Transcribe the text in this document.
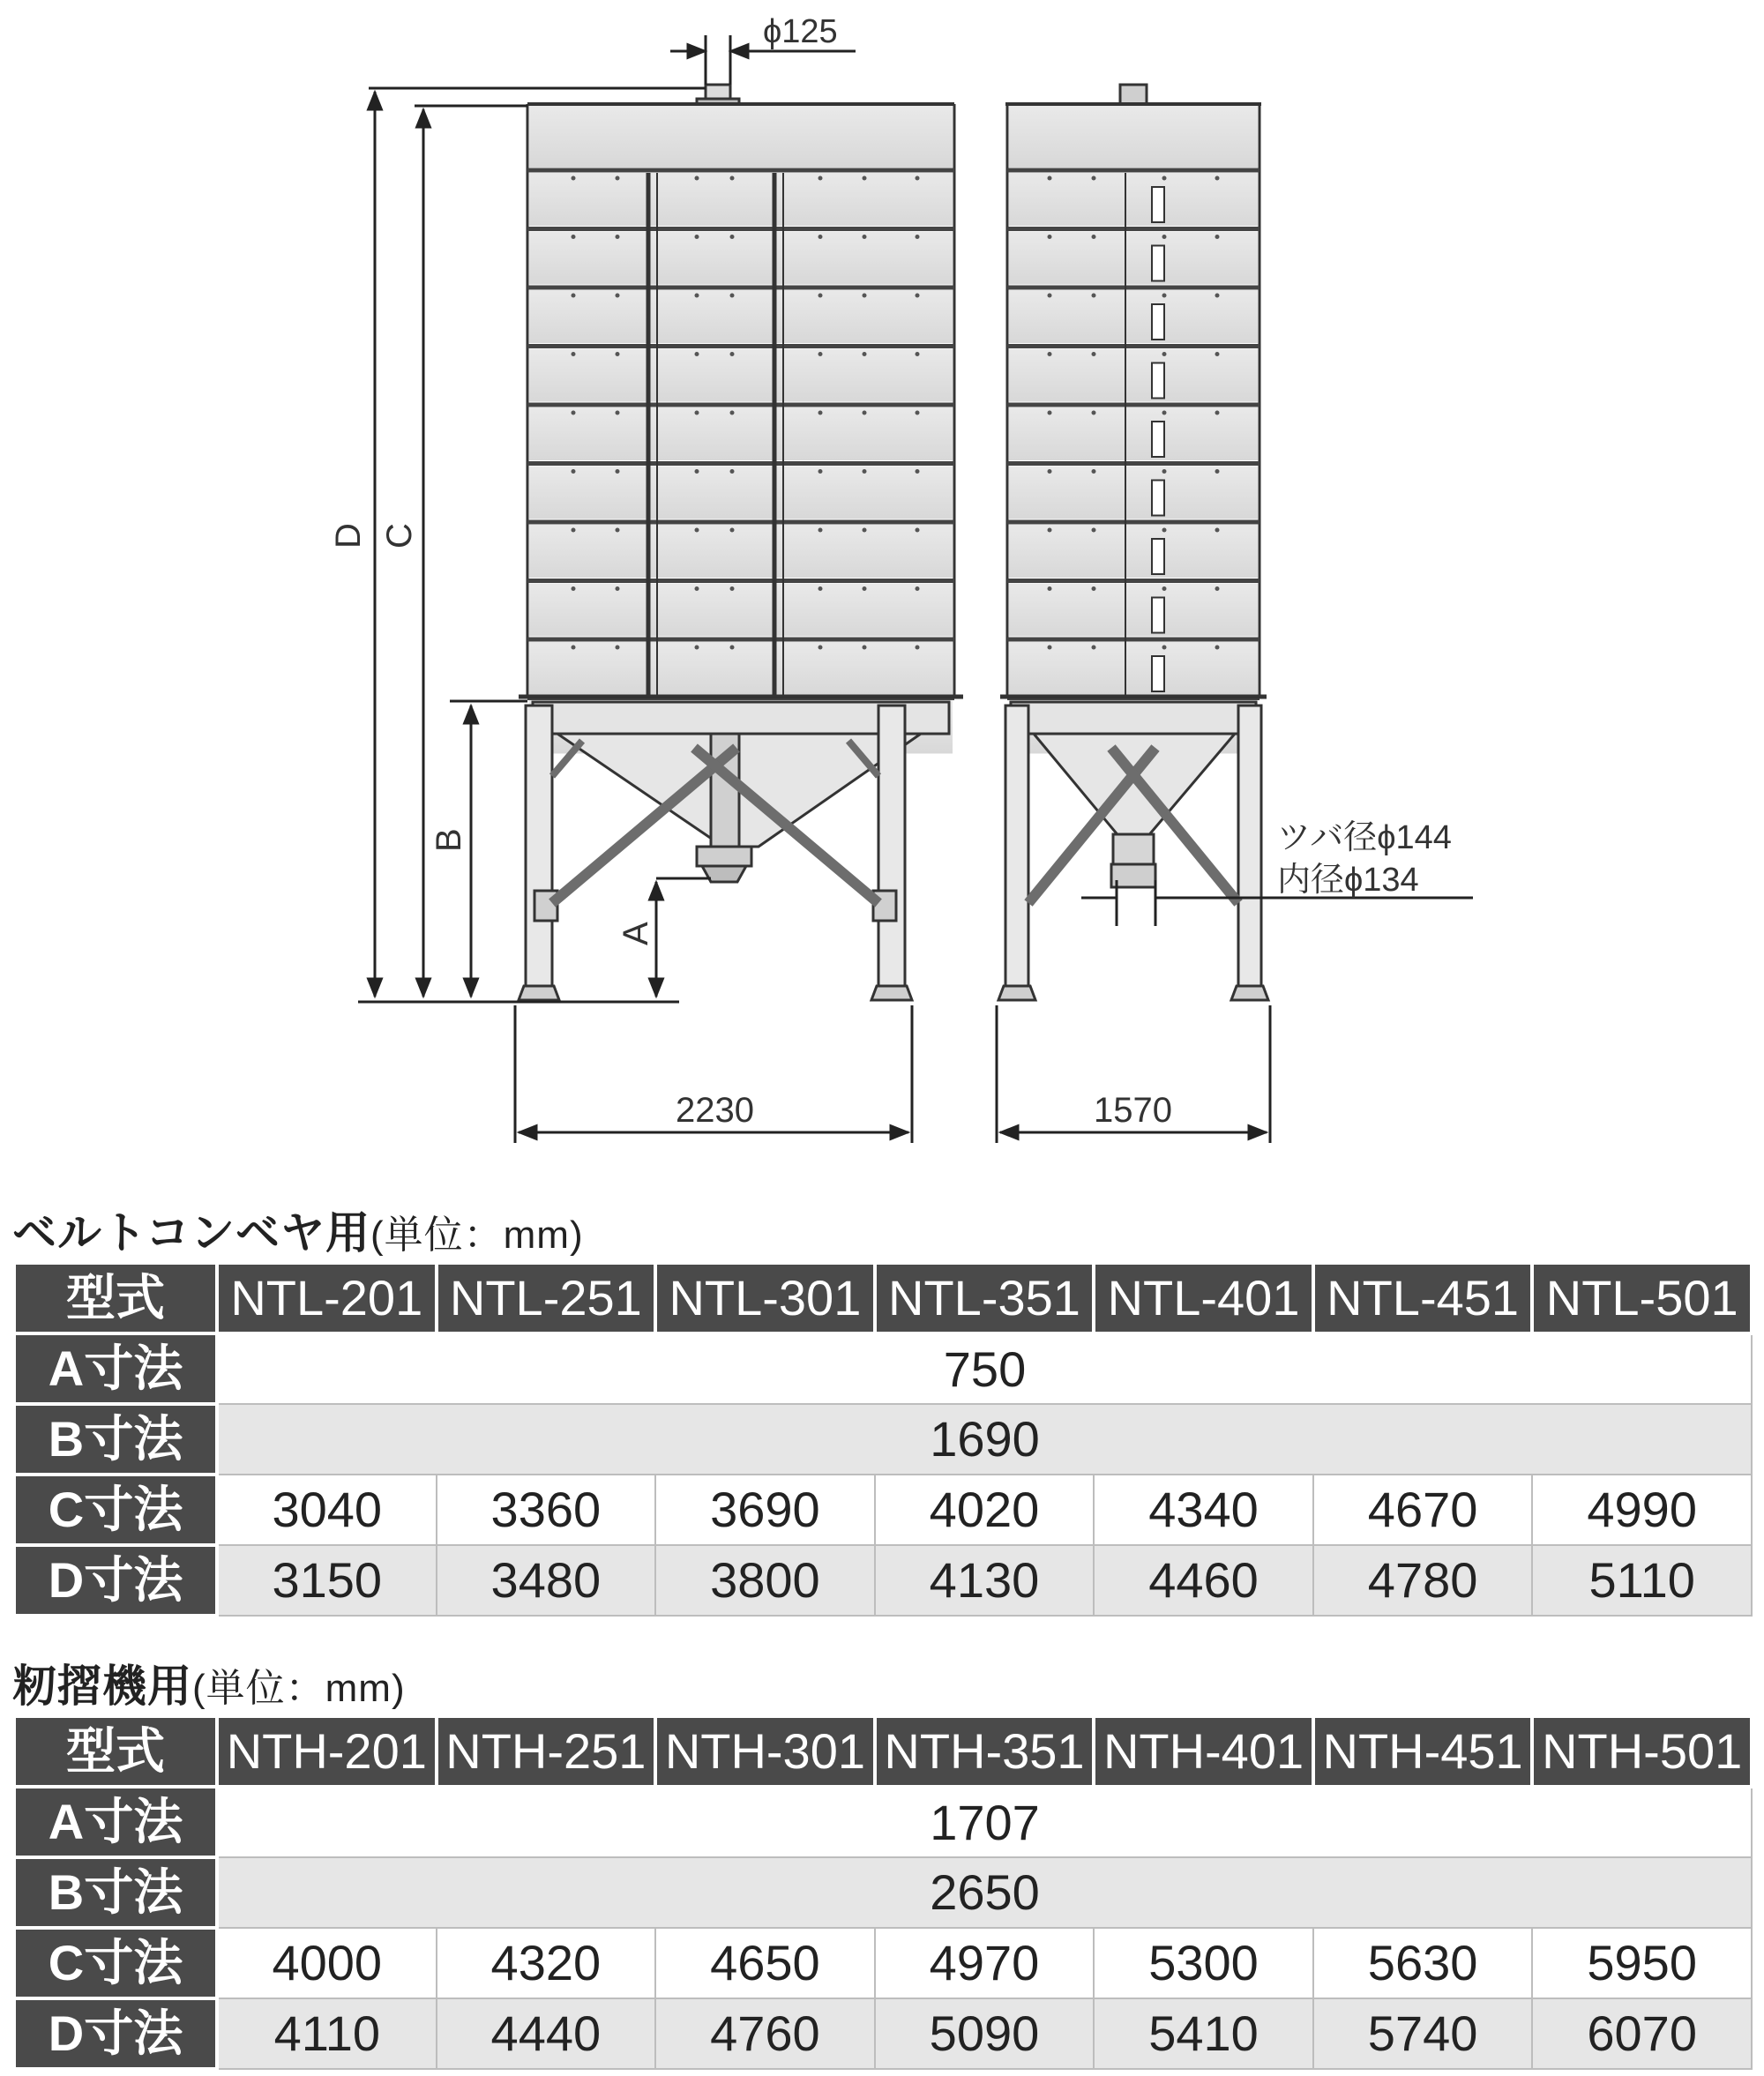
ϕ125
D C
B
A
2230	1570
ツバ径ϕ144
内径ϕ134
ベルトコンベヤ用(単位：mm)
型式	NTL-201	NTL-251	NTL-301	NTL-351	NTL-401	NTL-451	NTL-501
A寸法	750						
B寸法	1690						
C寸法	3040	3360	3690	4020	4340	4670	4990
D寸法	3150	3480	3800	4130	4460	4780	5110
籾摺機用(単位：mm)
型式	NTH-201	NTH-251	NTH-301	NTH-351	NTH-401	NTH-451	NTH-501
A寸法	1707						
B寸法	2650						
C寸法	4000	4320	4650	4970	5300	5630	5950
D寸法	4110	4440	4760	5090	5410	5740	6070
